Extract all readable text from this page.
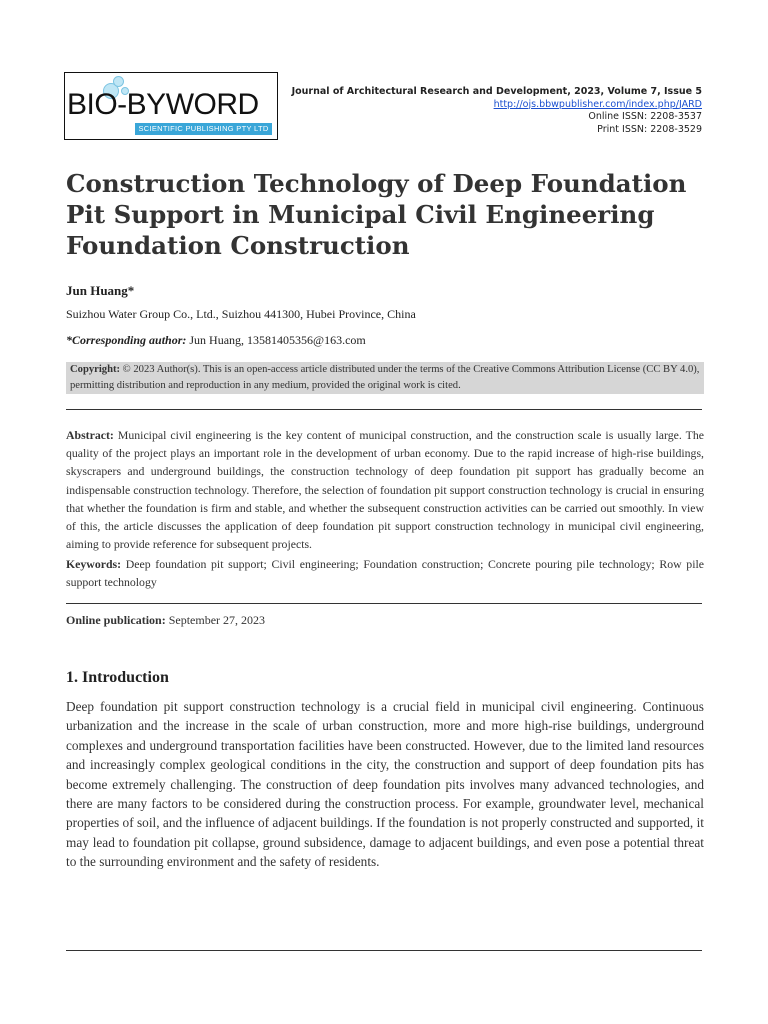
BIO-BYWORD
SCIENTIFIC PUBLISHING PTY LTD
Journal of Architectural Research and Development, 2023, Volume 7, Issue 5
http://ojs.bbwpublisher.com/index.php/JARD
Online ISSN: 2208-3537
Print ISSN: 2208-3529
Construction Technology of Deep Foundation Pit Support in Municipal Civil Engineering Foundation Construction
Jun Huang*
Suizhou Water Group Co., Ltd., Suizhou 441300, Hubei Province, China
*Corresponding author: Jun Huang, 13581405356@163.com
Copyright: © 2023 Author(s). This is an open-access article distributed under the terms of the Creative Commons Attribution License (CC BY 4.0), permitting distribution and reproduction in any medium, provided the original work is cited.

Abstract: Municipal civil engineering is the key content of municipal construction, and the construction scale is usually large. The quality of the project plays an important role in the development of urban economy. Due to the rapid increase of high-rise buildings, skyscrapers and underground buildings, the construction technology of deep foundation pit support has gradually become an indispensable construction technology. Therefore, the selection of foundation pit support construction technology is crucial in ensuring that whether the foundation is firm and stable, and whether the subsequent construction activities can be carried out smoothly. In view of this, the article discusses the application of deep foundation pit support construction technology in municipal civil engineering, aiming to provide reference for subsequent projects.

Keywords: Deep foundation pit support; Civil engineering; Foundation construction; Concrete pouring pile technology; Row pile support technology

Online publication: September 27, 2023
1. Introduction

Deep foundation pit support construction technology is a crucial field in municipal civil engineering. Continuous urbanization and the increase in the scale of urban construction, more and more high-rise buildings, underground complexes and underground transportation facilities have been constructed. However, due to the limited land resources and increasingly complex geological conditions in the city, the construction and support of deep foundation pits has become extremely challenging. The construction of deep foundation pits involves many advanced technologies, and there are many factors to be considered during the construction process. For example, groundwater level, mechanical properties of soil, and the influence of adjacent buildings. If the foundation is not properly constructed and supported, it may lead to foundation pit collapse, ground subsidence, damage to adjacent buildings, and even pose a potential threat to the surrounding environment and the safety of residents.
